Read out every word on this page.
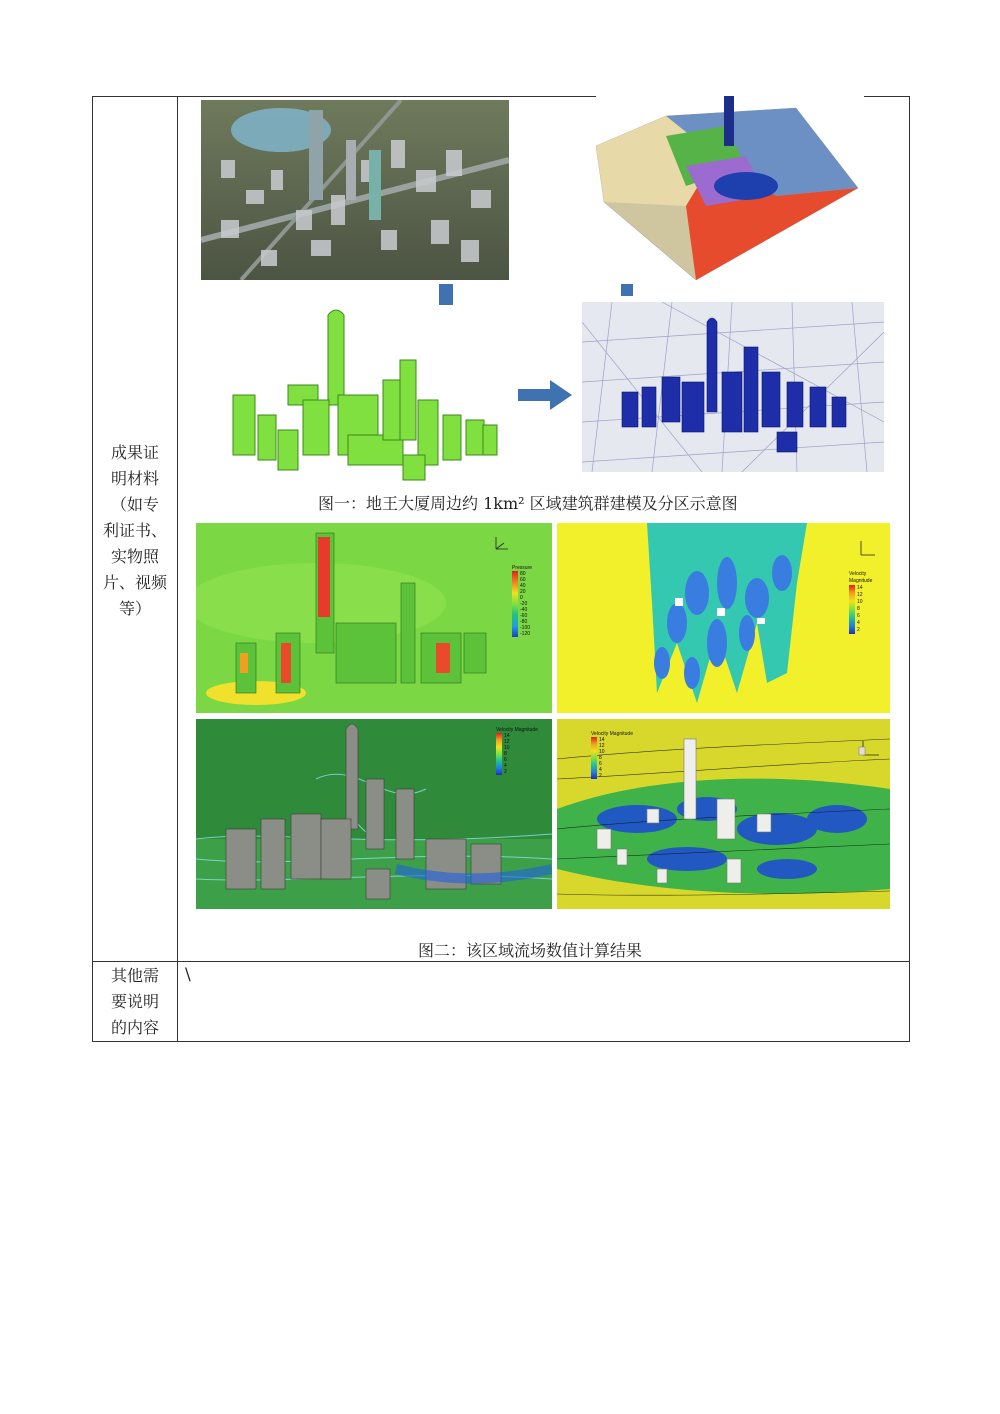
成果证
明材料
（如专
利证书、
实物照
片、视频
等）
图一：地王大厦周边约 1km² 区域建筑群建模及分区示意图
Pressure
80
60
40
20
0
-20
-40
-60
-80
-100
-120
Velocity Magnitude
14
12
10
8
6
4
2
Velocity Magnitude
14
12
10
8
6
4
2
Velocity Magnitude
14
12
10
8
6
4
2
图二：该区域流场数值计算结果
其他需
要说明
的内容
\
